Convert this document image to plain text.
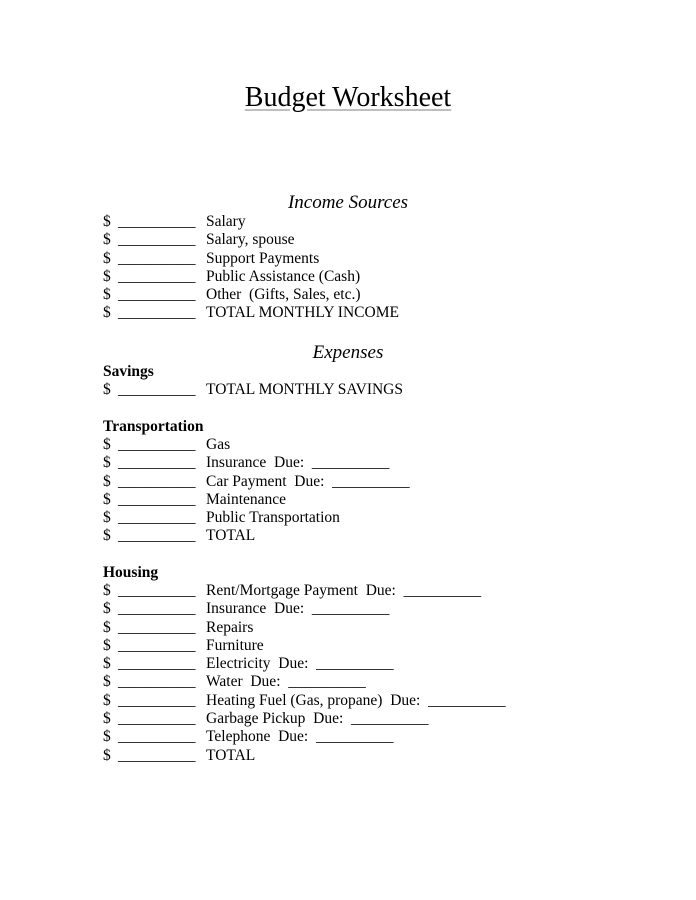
Budget Worksheet
Income Sources
$ __________ Salary
$ __________ Salary, spouse
$ __________ Support Payments
$ __________ Public Assistance (Cash)
$ __________ Other  (Gifts, Sales, etc.)
$ __________ TOTAL MONTHLY INCOME
Expenses
Savings
$ __________ TOTAL MONTHLY SAVINGS
Transportation
$ __________ Gas
$ __________ Insurance  Due:  __________
$ __________ Car Payment  Due:  __________
$ __________ Maintenance
$ __________ Public Transportation
$ __________ TOTAL
Housing
$ __________ Rent/Mortgage Payment  Due:  __________
$ __________ Insurance  Due:  __________
$ __________ Repairs
$ __________ Furniture
$ __________ Electricity  Due:  __________
$ __________ Water  Due:  __________
$ __________ Heating Fuel (Gas, propane)  Due:  __________
$ __________ Garbage Pickup  Due:  __________
$ __________ Telephone  Due:  __________
$ __________ TOTAL
